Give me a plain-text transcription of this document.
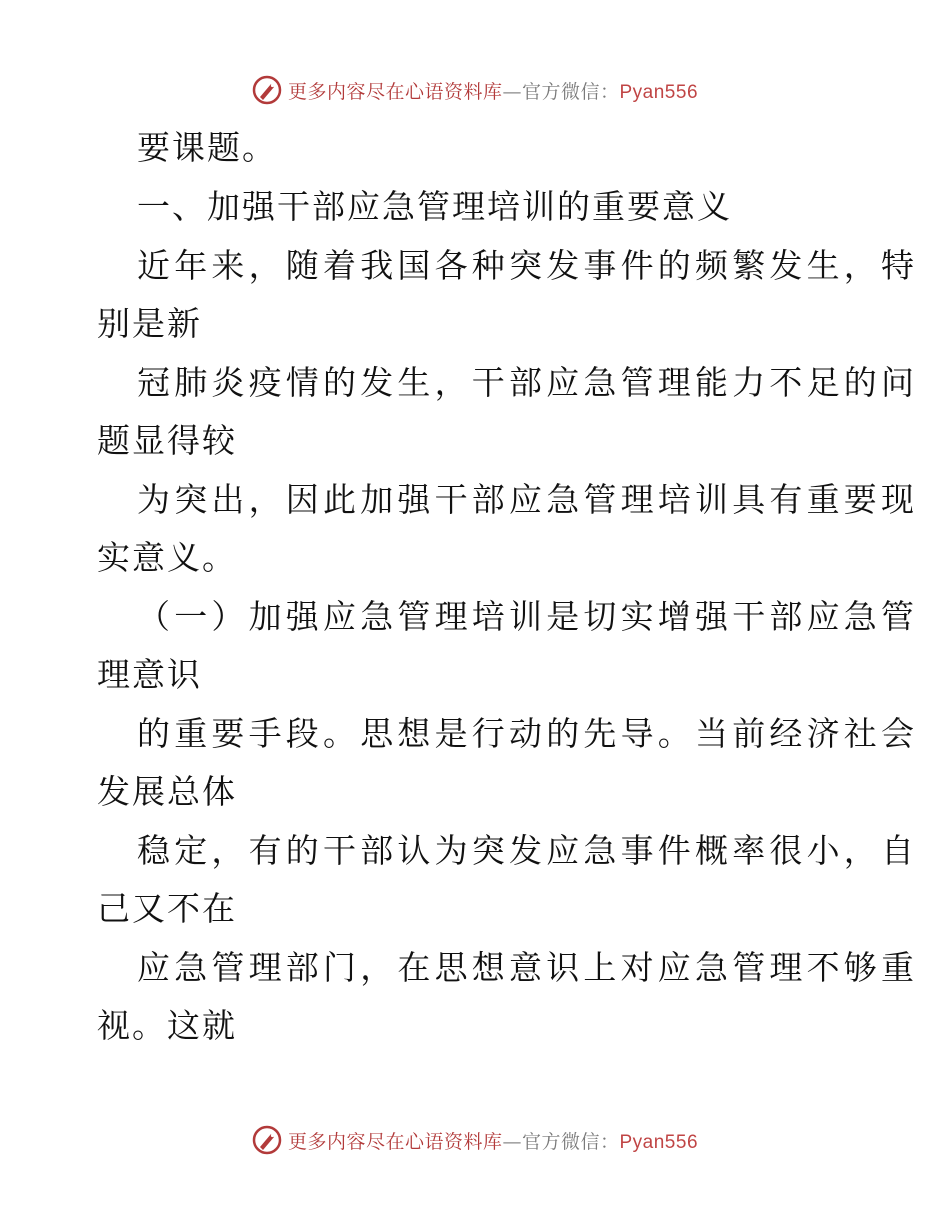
更多内容尽在心语资料库—官方微信：Pyan556
要课题。
一、加强干部应急管理培训的重要意义
近年来，随着我国各种突发事件的频繁发生，特
别是新
冠肺炎疫情的发生，干部应急管理能力不足的问
题显得较
为突出，因此加强干部应急管理培训具有重要现
实意义。
（一）加强应急管理培训是切实增强干部应急管
理意识
的重要手段。思想是行动的先导。当前经济社会
发展总体
稳定，有的干部认为突发应急事件概率很小，自
己又不在
应急管理部门，在思想意识上对应急管理不够重
视。这就
更多内容尽在心语资料库—官方微信：Pyan556
